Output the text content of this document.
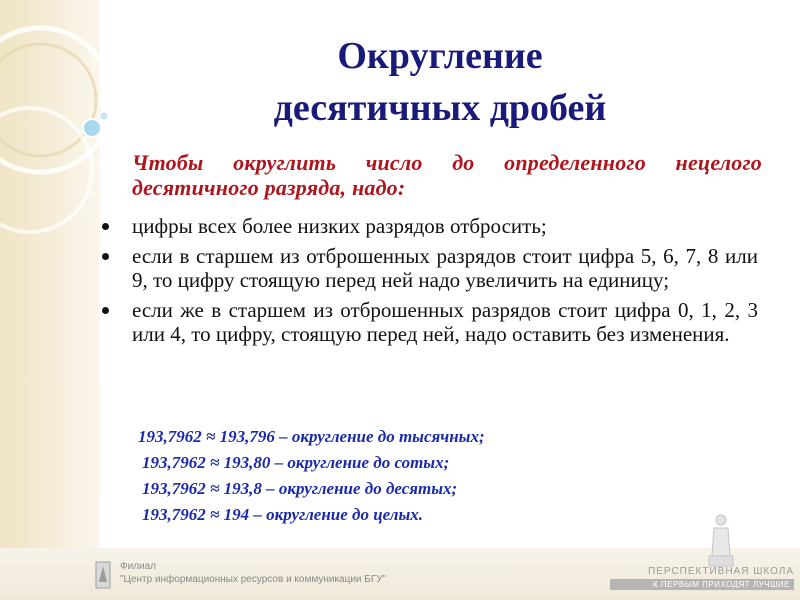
Округление
десятичных дробей
Чтобы округлить число до определенного нецелого десятичного разряда, надо:
цифры всех более низких разрядов отбросить;
если в старшем из отброшенных разрядов стоит цифра 5, 6, 7, 8 или 9, то цифру стоящую перед ней надо увеличить на единицу;
если же в старшем из отброшенных разрядов стоит цифра 0, 1, 2, 3 или 4, то цифру, стоящую перед ней, надо оставить без изменения.
193,7962 ≈ 193,796 – округление до тысячных;
193,7962 ≈ 193,80 – округление до сотых;
193,7962 ≈ 193,8 – округление до десятых;
193,7962 ≈ 194 – округление до целых.
Филиал
"Центр информационных ресурсов и коммуникации БГУ"
ПЕРСПЕКТИВНАЯ ШКОЛА
К ПЕРВЫМ ПРИХОДЯТ ЛУЧШИЕ
